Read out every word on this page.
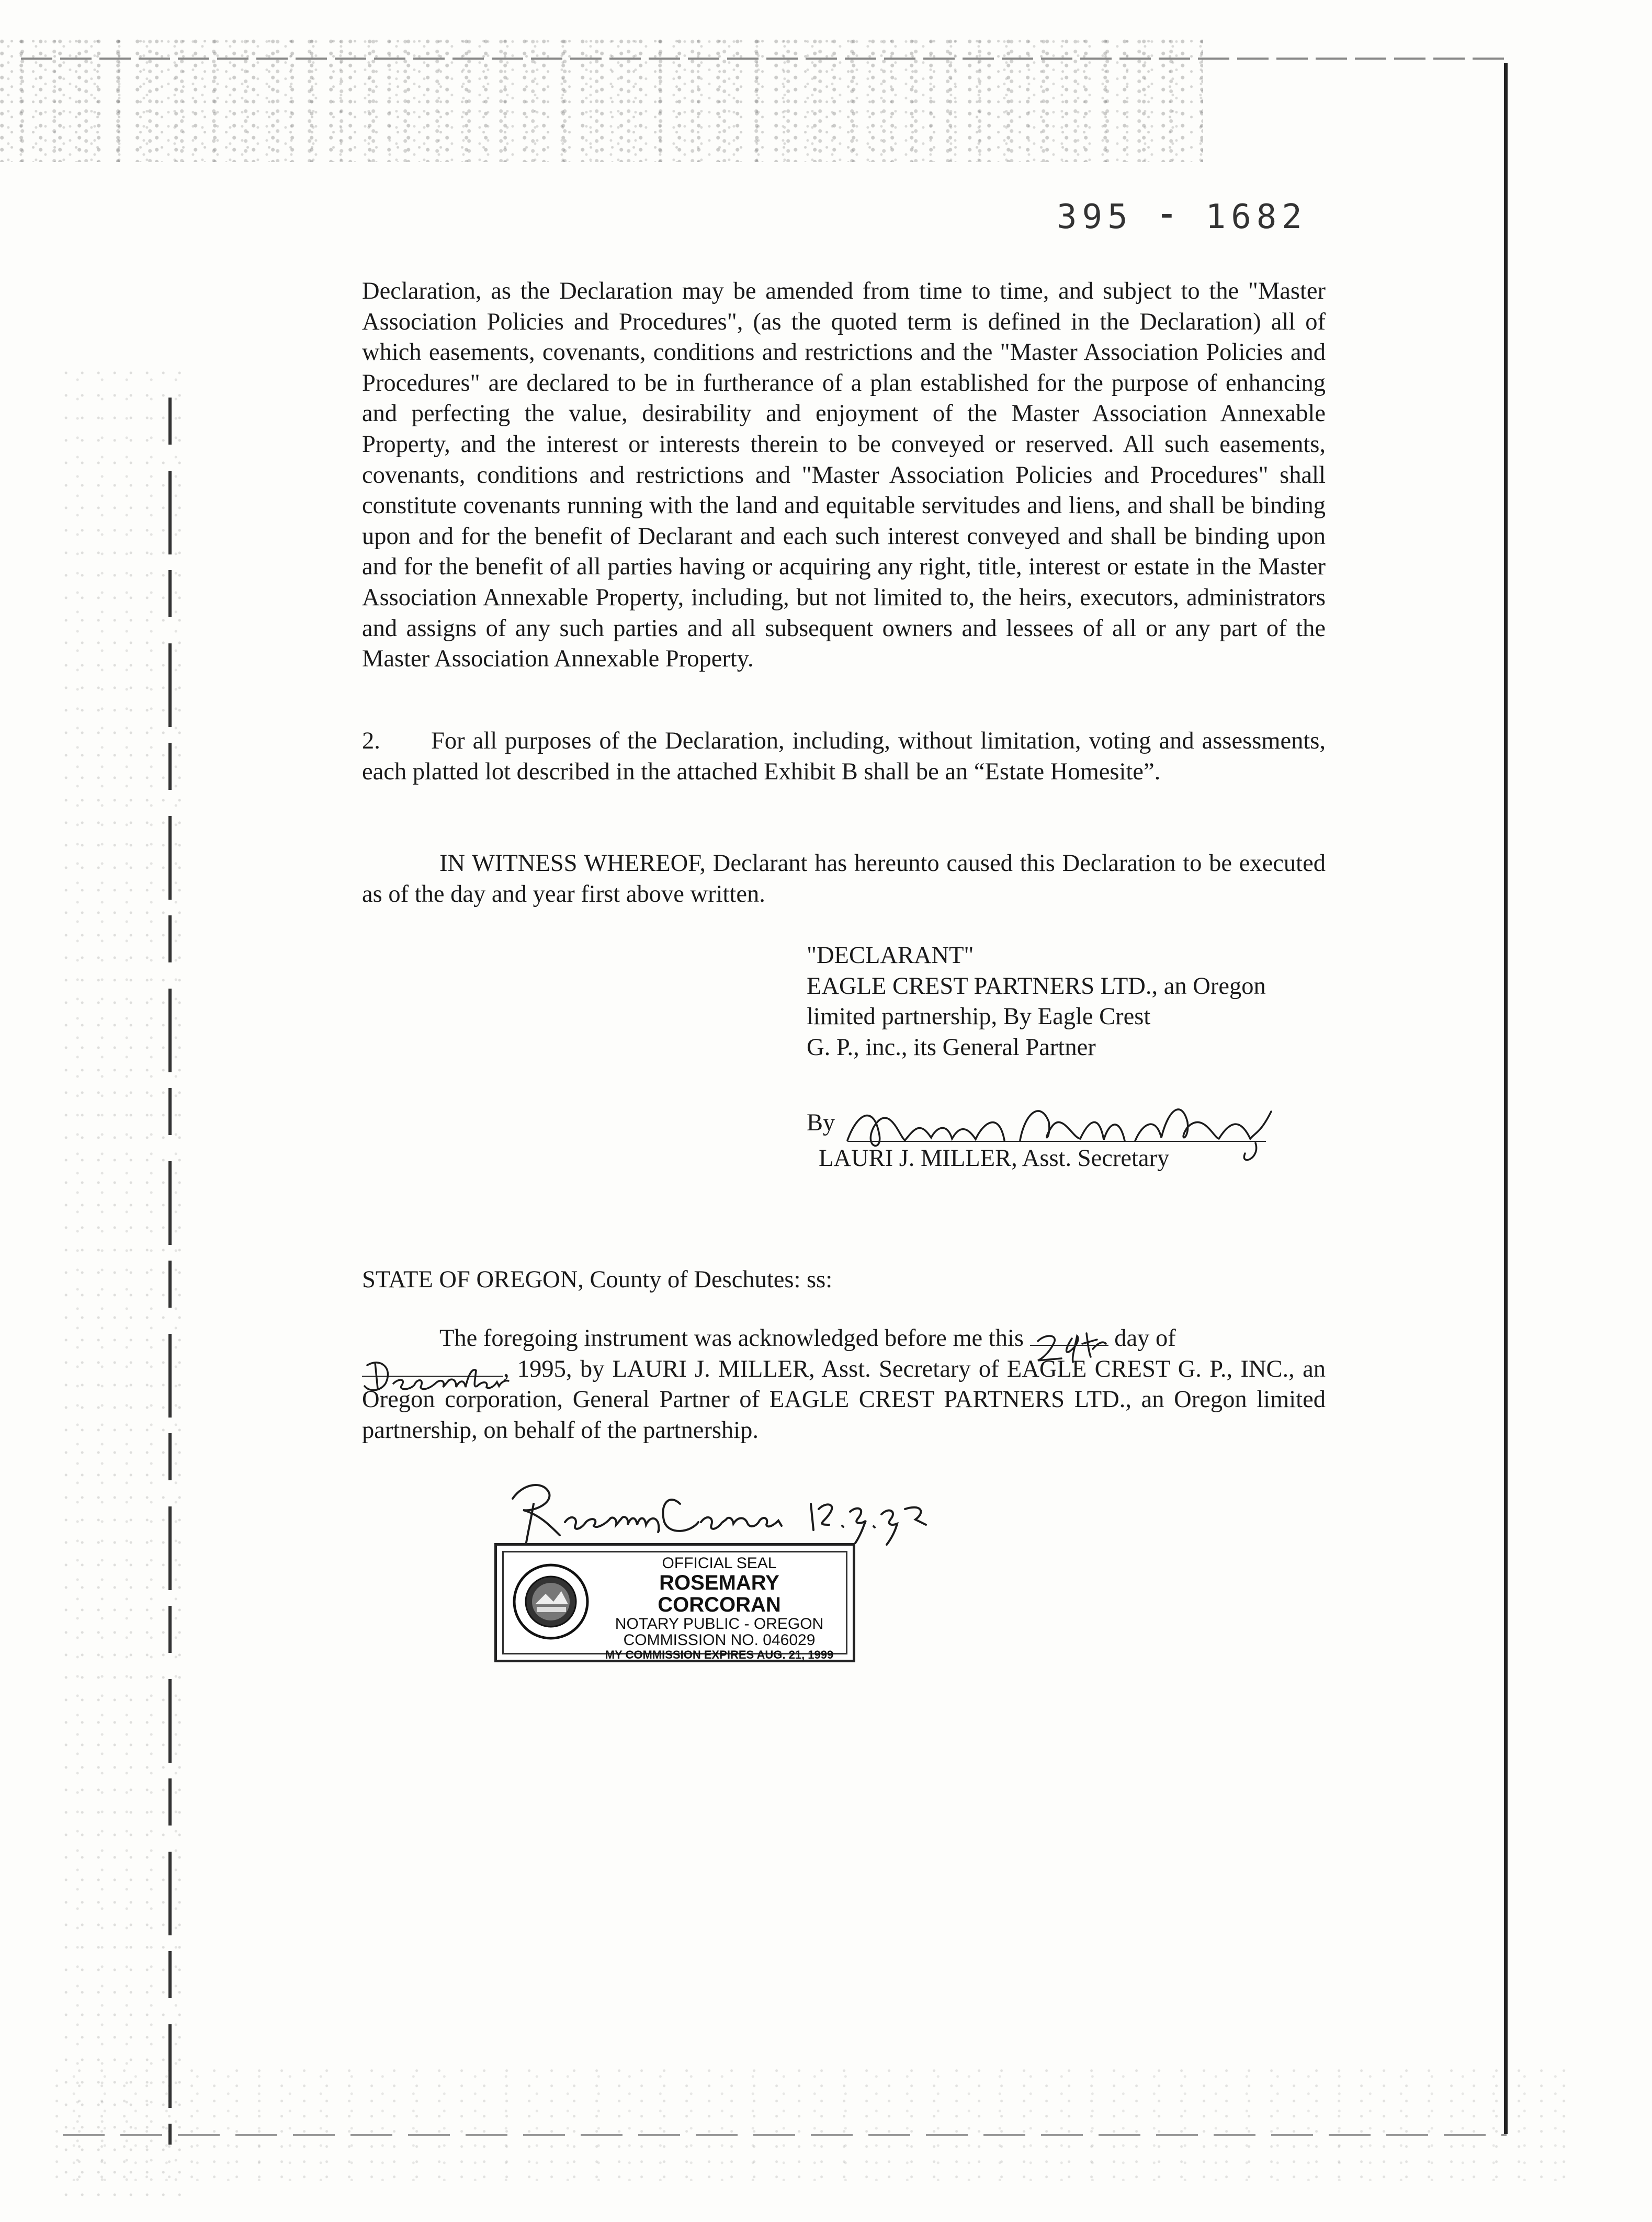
395 ⁃ 1682
Declaration, as the Declaration may be amended from time to time, and subject to the "Master Association Policies and Procedures", (as the quoted term is defined in the Declaration) all of which easements, covenants, conditions and restrictions and the "Master Association Policies and Procedures" are declared to be in furtherance of a plan established for the purpose of enhancing and perfecting the value, desirability and enjoyment of the Master Association Annexable Property, and the interest or interests therein to be conveyed or reserved. All such easements, covenants, conditions and restrictions and "Master Association Policies and Procedures" shall constitute covenants running with the land and equitable servitudes and liens, and shall be binding upon and for the benefit of Declarant and each such interest conveyed and shall be binding upon and for the benefit of all parties having or acquiring any right, title, interest or estate in the Master Association Annexable Property, including, but not limited to, the heirs, executors, administrators and assigns of any such parties and all subsequent owners and lessees of all or any part of the Master Association Annexable Property.
2. For all purposes of the Declaration, including, without limitation, voting and assessments, each platted lot described in the attached Exhibit B shall be an “Estate Homesite”.
IN WITNESS WHEREOF, Declarant has hereunto caused this Declaration to be executed as of the day and year first above written.
"DECLARANT"
EAGLE CREST PARTNERS LTD., an Oregon
limited partnership, By Eagle Crest
G. P., inc., its General Partner
By
LAURI J. MILLER, Asst. Secretary
STATE OF OREGON, County of Deschutes: ss:
The foregoing instrument was acknowledged before me this	day of

, 1995, by LAURI J. MILLER, Asst. Secretary of EAGLE CREST G. P., INC., an Oregon corporation, General Partner of EAGLE CREST PARTNERS LTD., an Oregon limited partnership, on behalf of the partnership.
OFFICIAL SEAL
ROSEMARY CORCORAN
NOTARY PUBLIC - OREGON
COMMISSION NO. 046029
MY COMMISSION EXPIRES AUG. 21, 1999
